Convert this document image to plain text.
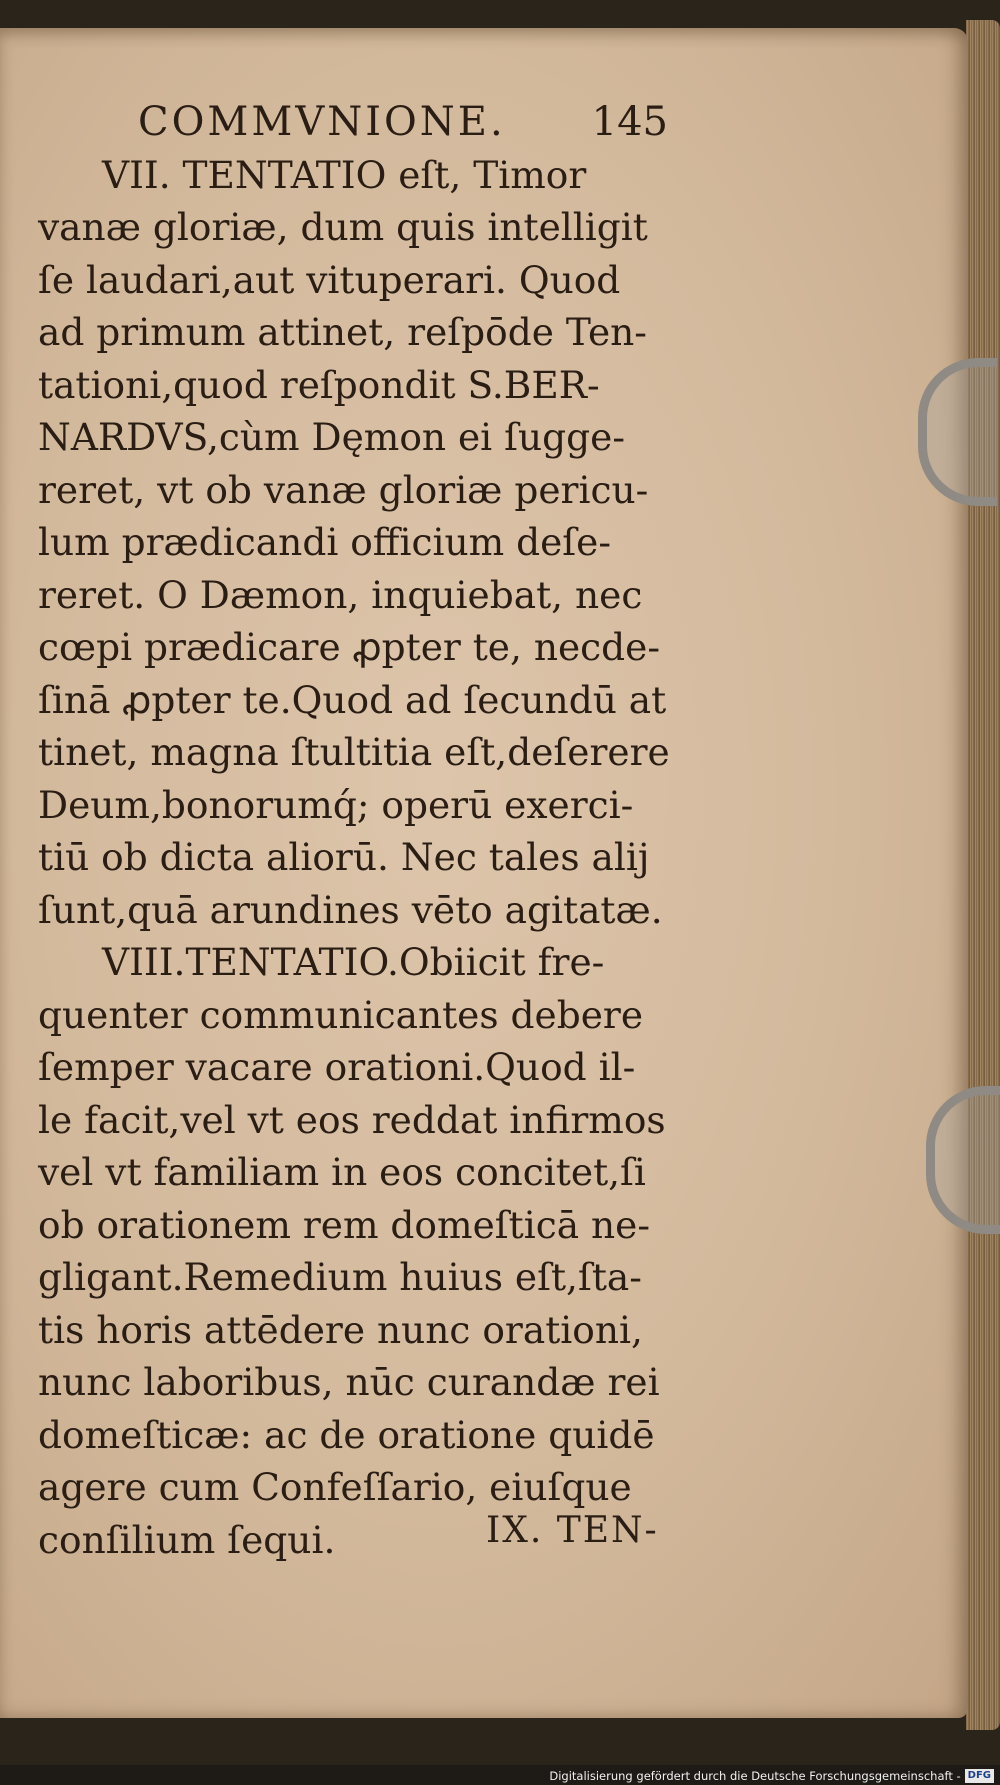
COMMVNIONE. 145
VII. TENTATIO eſt, Timor
vanæ gloriæ, dum quis intelligit
ſe laudari,aut vituperari. Quod
ad primum attinet, reſpōde Ten-
tationi,quod reſpondit S.BER-
NARDVS,cùm Dęmon ei ſugge-
reret, vt ob vanæ gloriæ pericu-
lum prædicandi officium deſe-
reret. O Dæmon, inquiebat, nec
cœpi prædicare ꝓpter te, necde-
ſinā ꝓpter te.Quod ad ſecundū at
tinet, magna ſtultitia eſt,deſerere
Deum,bonorumq́; operū exerci-
tiū ob dicta aliorū. Nec tales alij
ſunt,quā arundines vēto agitatæ.
VIII.TENTATIO.Obiicit fre-
quenter communicantes debere
ſemper vacare orationi.Quod il-
le facit,vel vt eos reddat infirmos
vel vt familiam in eos concitet,ſi
ob orationem rem domeſticā ne-
gligant.Remedium huius eſt,ſta-
tis horis attēdere nunc orationi,
nunc laboribus, nūc curandæ rei
domeſticæ: ac de oratione quidē
agere cum Confeſſario, eiuſque
conſilium ſequi.	IX. TEN-
Digitalisierung gefördert durch die Deutsche Forschungsgemeinschaft - DFG
